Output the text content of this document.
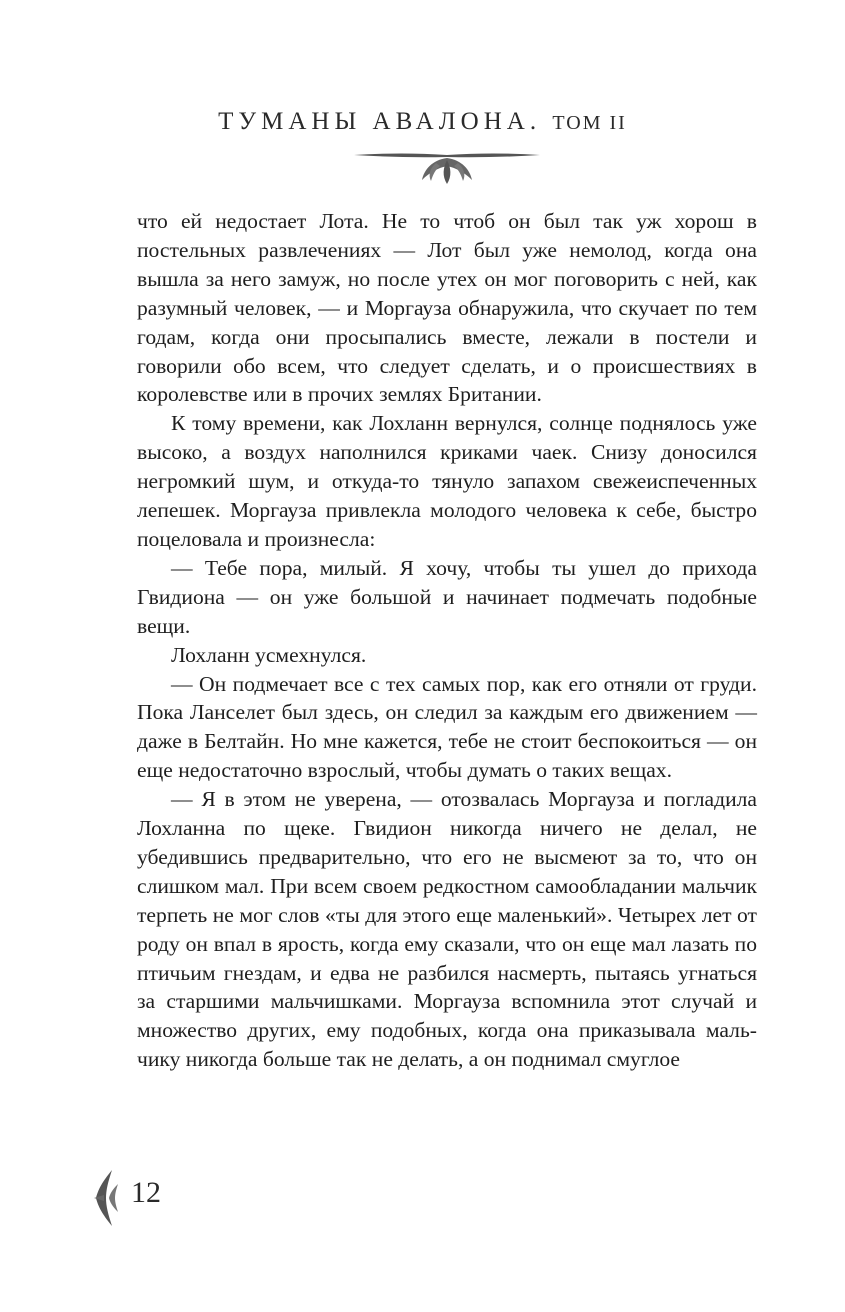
ТУМАНЫ АВАЛОНА. ТОМ II

что ей недостает Лота. Не то чтоб он был так уж хорош в постельных развлечениях — Лот был уже немолод, когда она вышла за него замуж, но после утех он мог поговорить с ней, как разумный человек, — и Моргауза обнаружила, что скучает по тем годам, когда они просыпались вместе, лежали в постели и говорили обо всем, что следует сделать, и о происшествиях в королевстве или в прочих землях Британии.

К тому времени, как Лохланн вернулся, солнце поднялось уже высоко, а воздух наполнился криками чаек. Снизу доносился негромкий шум, и откуда-то тянуло запахом свежеиспеченных лепешек. Моргауза привлекла молодого человека к себе, быстро поцеловала и произнесла:

— Тебе пора, милый. Я хочу, чтобы ты ушел до прихода Гвидиона — он уже большой и начинает подмечать подобные вещи.

Лохланн усмехнулся.

— Он подмечает все с тех самых пор, как его отняли от груди. Пока Ланселет был здесь, он следил за каждым его движением — даже в Белтайн. Но мне кажется, тебе не стоит беспокоиться — он еще недостаточно взрослый, чтобы думать о таких вещах.

— Я в этом не уверена, — отозвалась Моргауза и погладила Лохланна по щеке. Гвидион никогда ничего не делал, не убедившись предварительно, что его не высмеют за то, что он слишком мал. При всем своем редкостном самообладании мальчик терпеть не мог слов «ты для этого еще маленький». Четырех лет от роду он впал в ярость, когда ему сказали, что он еще мал лазать по птичьим гнездам, и едва не разбился насмерть, пытаясь угнаться за старшими мальчишками. Моргауза вспомнила этот случай и множество других, ему подобных, когда она приказывала мальчику никогда больше так не делать, а он поднимал смуглое

12
